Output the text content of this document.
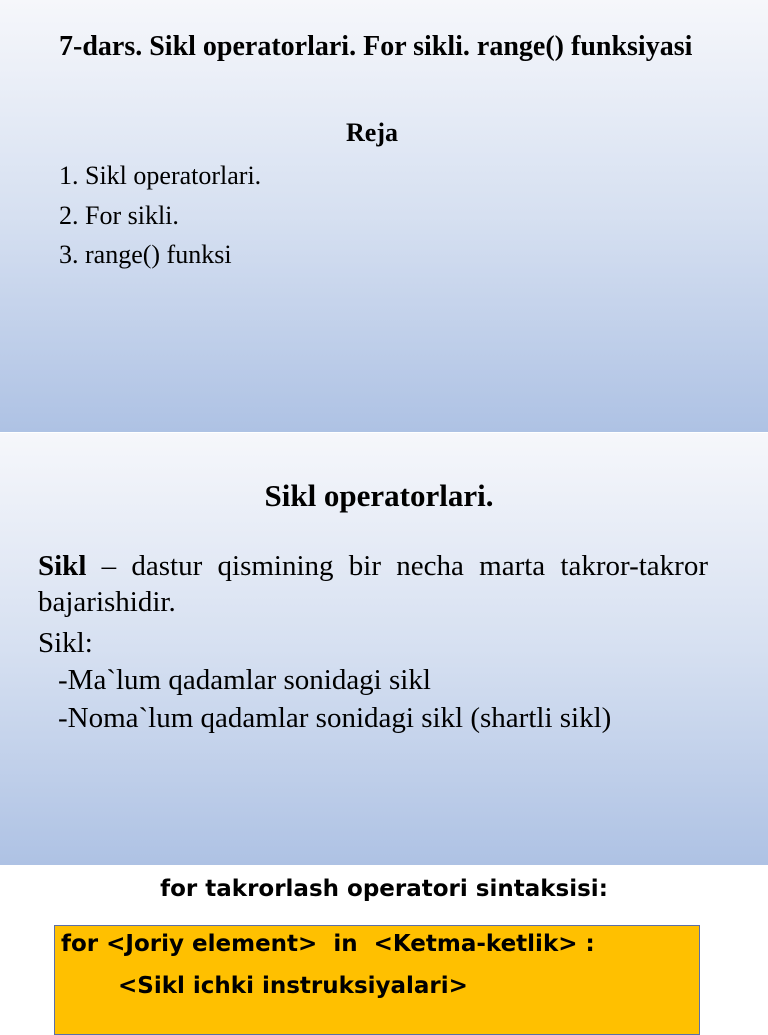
7-dars. Sikl operatorlari. For sikli. range() funksiyasi
Reja
1. Sikl operatorlari.
2. For sikli.
3. range() funksi
Sikl operatorlari.

Sikl – dastur qismining bir necha marta takror-takror bajarishidir.

Sikl:

-Ma`lum qadamlar sonidagi sikl

-Noma`lum qadamlar sonidagi sikl (shartli sikl)

for takrorlash operatori sintaksisi:
for <Joriy element>  in  <Ketma-ketlik> :
<Sikl ichki instruksiyalari>
